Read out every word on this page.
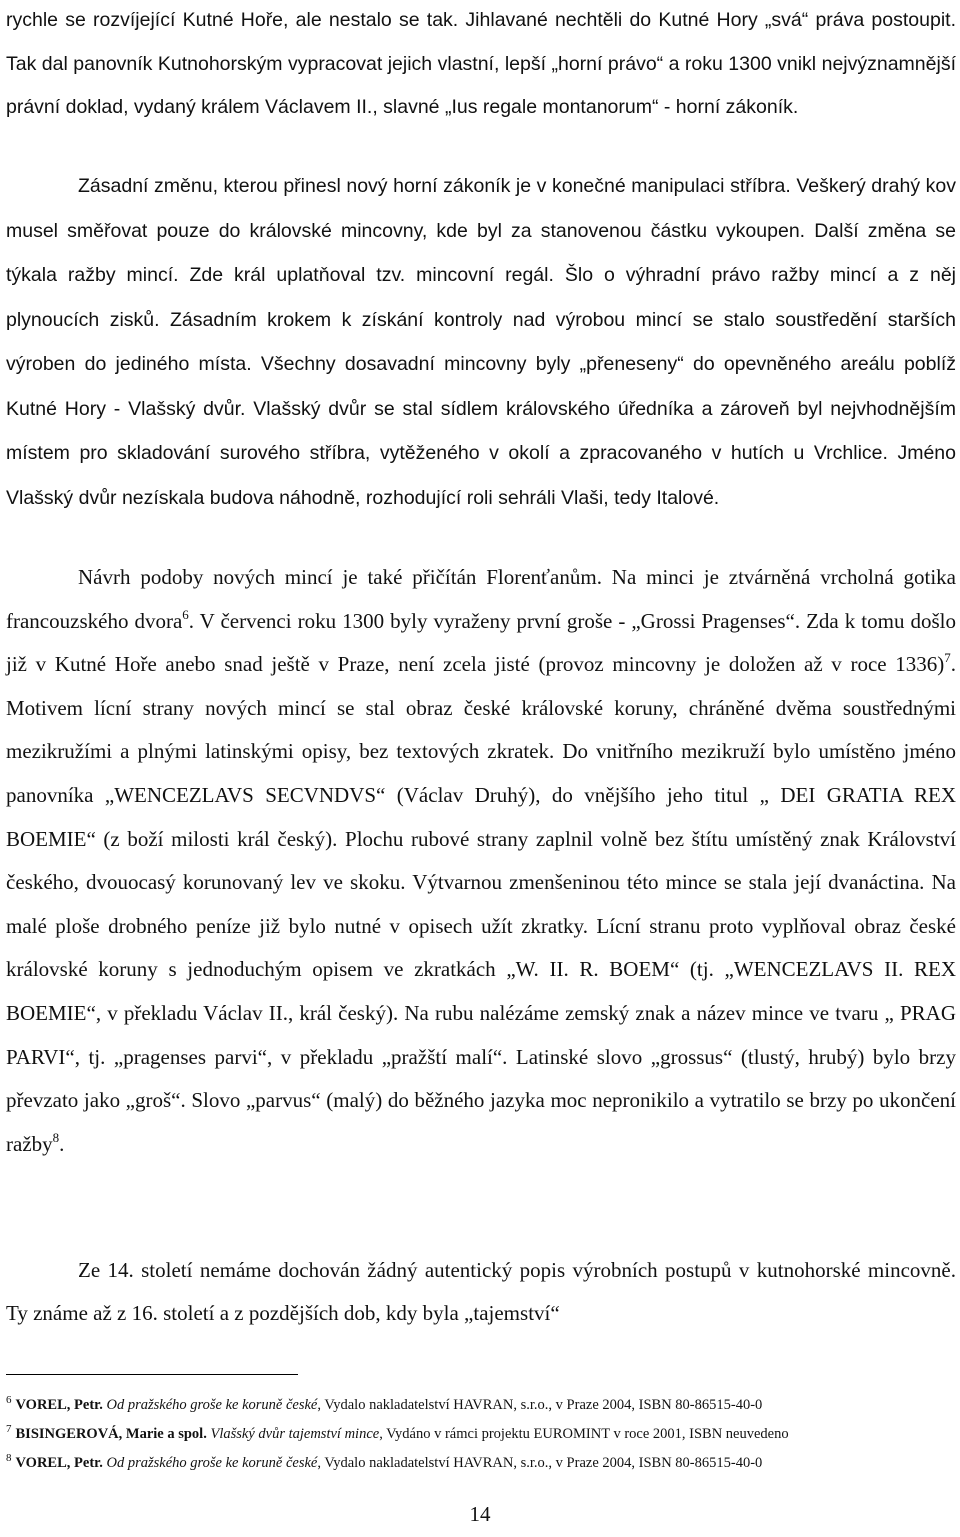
rychle se rozvíjející Kutné Hoře, ale nestalo se tak. Jihlavané nechtěli do Kutné Hory „svá“ práva postoupit. Tak dal panovník Kutnohorským vypracovat jejich vlastní, lepší „horní právo“ a roku 1300 vnikl nejvýznamnější právní doklad, vydaný králem Václavem II., slavné „Ius regale montanorum“ - horní zákoník.

Zásadní změnu, kterou přinesl nový horní zákoník je v konečné manipulaci stříbra. Veškerý drahý kov musel směřovat pouze do královské mincovny, kde byl za stanovenou částku vykoupen. Další změna se týkala ražby mincí. Zde král uplatňoval tzv. mincovní regál. Šlo o výhradní právo ražby mincí a z něj plynoucích zisků. Zásadním krokem k získání kontroly nad výrobou mincí se stalo soustředění starších výroben do jediného místa. Všechny dosavadní mincovny byly „přeneseny“ do opevněného areálu poblíž Kutné Hory - Vlašský dvůr. Vlašský dvůr se stal sídlem královského úředníka a zároveň byl nejvhodnějším místem pro skladování surového stříbra, vytěženého v okolí a zpracovaného v hutích u Vrchlice. Jméno Vlašský dvůr nezískala budova náhodně, rozhodující roli sehráli Vlaši, tedy Italové.

Návrh podoby nových mincí je také přičítán Florenťanům. Na minci je ztvárněná vrcholná gotika francouzského dvora$^6$. V červenci roku 1300 byly vyraženy první groše - „Grossi Pragenses“. Zda k tomu došlo již v Kutné Hoře anebo snad ještě v Praze, není zcela jisté (provoz mincovny je doložen až v roce 1336)$^7$. Motivem lícní strany nových mincí se stal obraz české královské koruny, chráněné dvěma soustřednými mezikružími a plnými latinskými opisy, bez textových zkratek. Do vnitřního mezikruží bylo umístěno jméno panovníka „WENCEZLAVS SECVNDVS“ (Václav Druhý), do vnějšího jeho titul „ DEI GRATIA REX BOEMIE“ (z boží milosti král český). Plochu rubové strany zaplnil volně bez štítu umístěný znak Království českého, dvouocasý korunovaný lev ve skoku. Výtvarnou zmenšeninou této mince se stala její dvanáctina. Na malé ploše drobného peníze již bylo nutné v opisech užít zkratky. Lícní stranu proto vyplňoval obraz české královské koruny s jednoduchým opisem ve zkratkách „W. II. R. BOEM“ (tj. „WENCEZLAVS II. REX BOEMIE“, v překladu Václav II., král český). Na rubu nalézáme zemský znak a název mince ve tvaru „ PRAG PARVI“, tj. „pragenses parvi“, v překladu „pražští malí“. Latinské slovo „grossus“ (tlustý, hrubý) bylo brzy převzato jako „groš“. Slovo „parvus“ (malý) do běžného jazyka moc nepronikilo a vytratilo se brzy po ukončení ražby$^8$.

Ze 14. století nemáme dochován žádný autentický popis výrobních postupů v kutnohorské mincovně. Ty známe až z 16. století a z pozdějších dob, kdy byla „tajemství“

$^6$ VOREL, Petr. Od pražského groše ke koruně české, Vydalo nakladatelství HAVRAN, s.r.o., v Praze 2004, ISBN 80-86515-40-0
$^7$ BISINGEROVÁ, Marie a spol. Vlašský dvůr tajemství mince, Vydáno v rámci projektu EUROMINT v roce 2001, ISBN neuvedeno
$^8$ VOREL, Petr. Od pražského groše ke koruně české, Vydalo nakladatelství HAVRAN, s.r.o., v Praze 2004, ISBN 80-86515-40-0
14
